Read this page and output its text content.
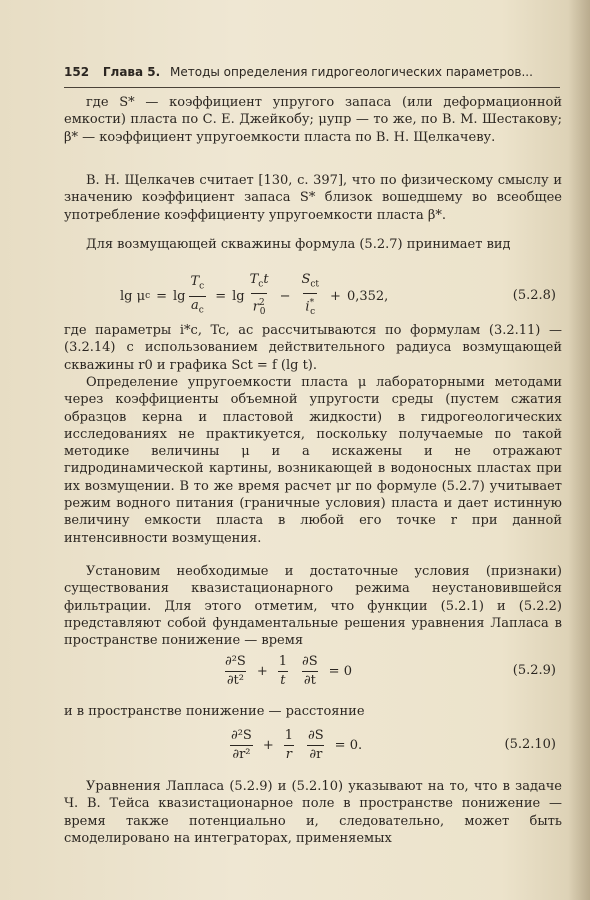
152 Глава 5. Методы определения гидрогеологических параметров...

где S* — коэффициент упругого запаса (или деформационной емкости) пласта по С. Е. Джейкобу; μупр — то же, по В. М. Шестакову; β* — коэффициент упругоемкости пласта по В. Н. Щелкачеву.

В. Н. Щелкачев считает [130, с. 397], что по физическому смыслу и значению коэффициент запаса S* близок вошедшему во всеобщее употребление коэффициенту упругоемкости пласта β*.

Для возмущающей скважины формула (5.2.7) принимает вид

lg μ $c = \lg \frac{T_c}{a_c} = \lg \frac{T_ct}{r^2_0} - \frac{S_{ct}}{i^*_c} + 0,352$,	(5.2.8)

где параметры i*c, Tc, ac рассчитываются по формулам (3.2.11) — (3.2.14) с использованием действительного радиуса возмущающей скважины r0 и графика Sct = f (lg t).

Определение упругоемкости пласта μ лабораторными методами через коэффициенты объемной упругости среды (пустем сжатия образцов керна и пластовой жидкости) в гидрогеологических исследованиях не практикуется, поскольку получаемые по такой методике величины μ и a искажены и не отражают гидродинамической картины, возникающей в водоносных пластах при их возмущении. В то же время расчет μr по формуле (5.2.7) учитывает режим водного питания (граничные условия) пласта и дает истинную величину емкости пласта в любой его точке r при данной интенсивности возмущения.

Установим необходимые и достаточные условия (признаки) существования квазистационарного режима неустановившейся фильтрации. Для этого отметим, что функции (5.2.1) и (5.2.2) представляют собой фундаментальные решения уравнения Лапласа в пространстве понижение — время

$\frac{\text{∂²S}}{\text{∂t²}} + \frac{1}{t} \frac{\partial S}{\partial t} = 0$	(5.2.9)

и в пространстве понижение — расстояние

$\frac{\text{∂²S}}{\text{∂r²}} + \frac{1}{r} \frac{\partial S}{\partial r} = 0$.	(5.2.10)

Уравнения Лапласа (5.2.9) и (5.2.10) указывают на то, что в задаче Ч. В. Тейса квазистационарное поле в пространстве понижение — время также потенциально и, следовательно, может быть смоделировано на интеграторах, применяемых
